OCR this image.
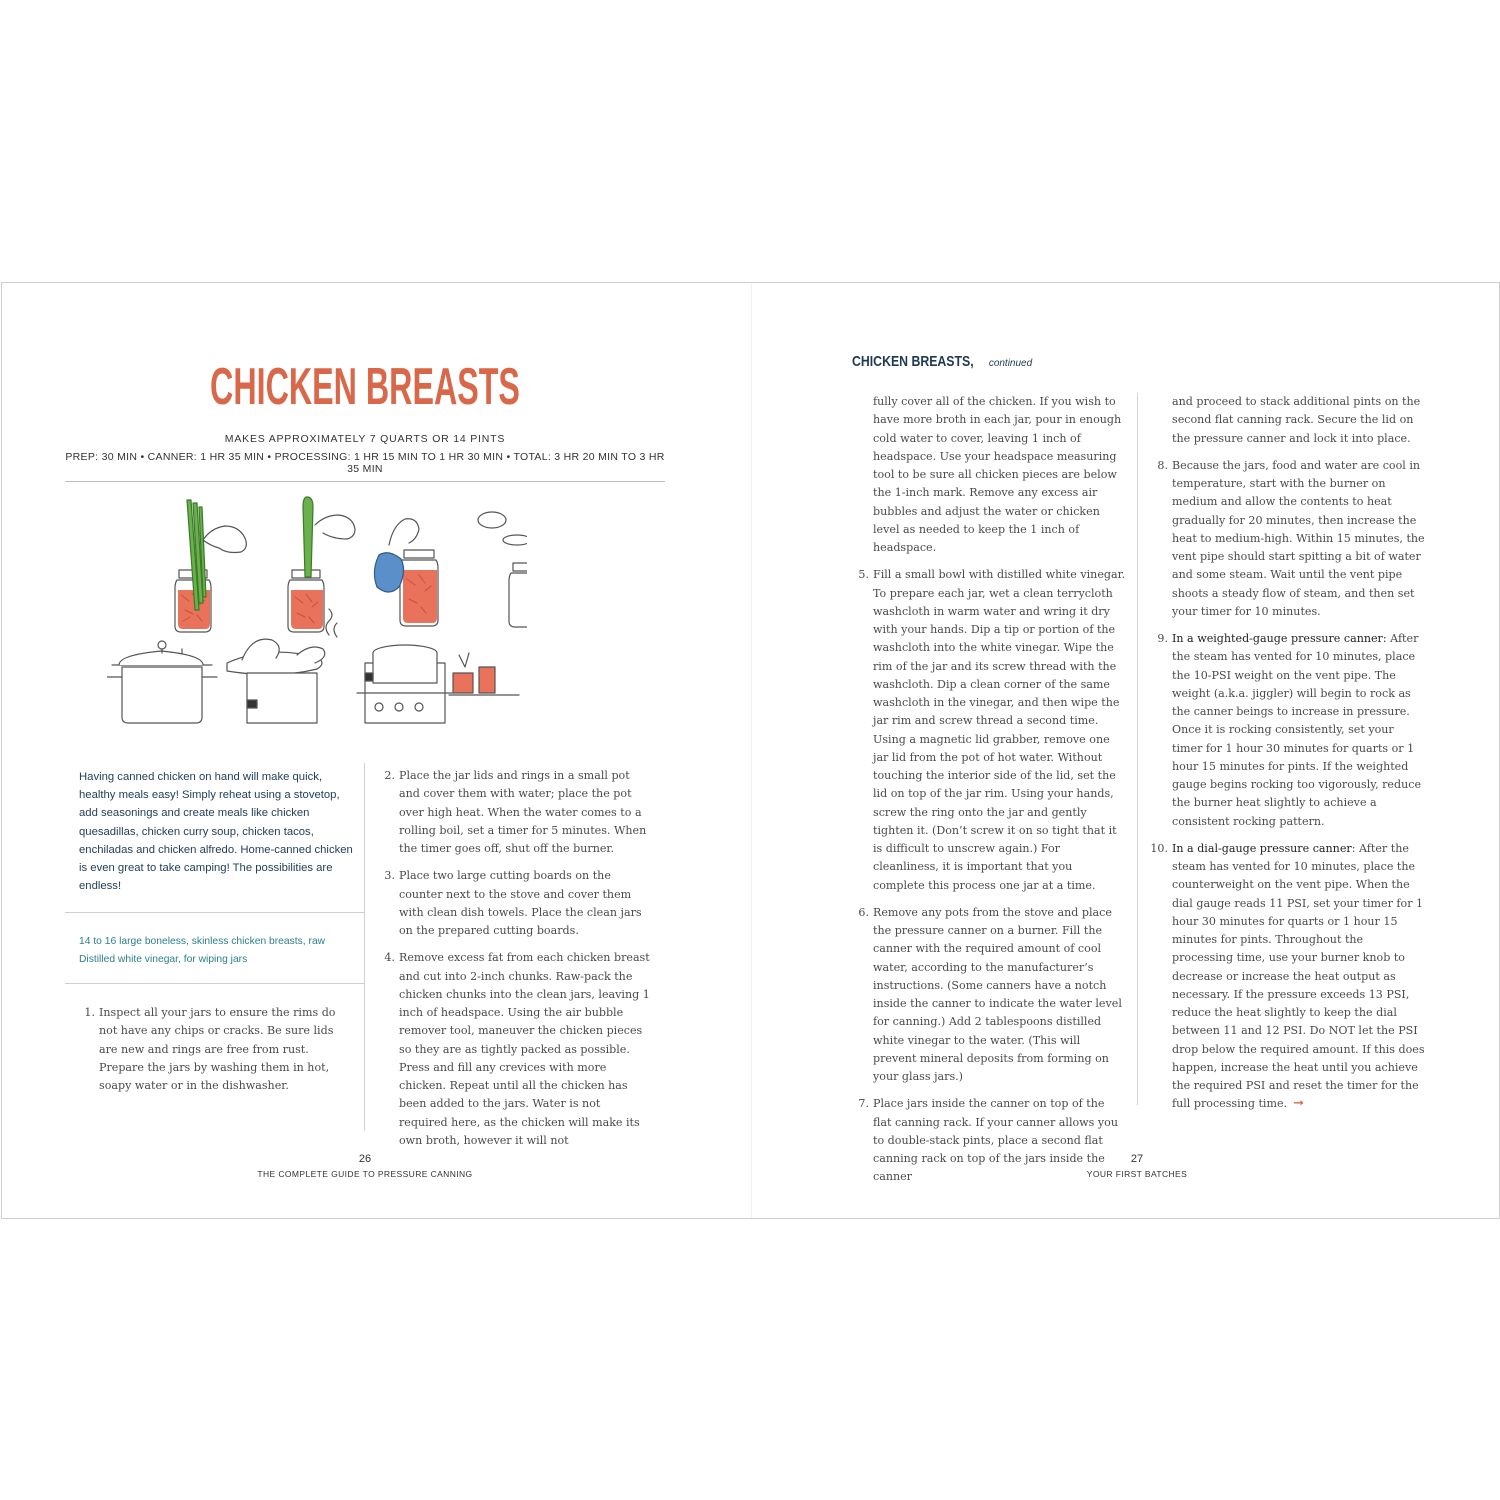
CHICKEN BREASTS
MAKES APPROXIMATELY 7 QUARTS OR 14 PINTS
PREP: 30 MIN • CANNER: 1 HR 35 MIN • PROCESSING: 1 HR 15 MIN TO 1 HR 30 MIN • TOTAL: 3 HR 20 MIN TO 3 HR 35 MIN
Having canned chicken on hand will make quick, healthy meals easy! Simply reheat using a stovetop, add seasonings and create meals like chicken quesadillas, chicken curry soup, chicken tacos, enchiladas and chicken alfredo. Home-canned chicken is even great to take camping! The possibilities are endless!
14 to 16 large boneless, skinless chicken breasts, raw
Distilled white vinegar, for wiping jars
1. Inspect all your jars to ensure the rims do not have any chips or cracks. Be sure lids are new and rings are free from rust. Prepare the jars by washing them in hot, soapy water or in the dishwasher.
2. Place the jar lids and rings in a small pot and cover them with water; place the pot over high heat. When the water comes to a rolling boil, set a timer for 5 minutes. When the timer goes off, shut off the burner.
3. Place two large cutting boards on the counter next to the stove and cover them with clean dish towels. Place the clean jars on the prepared cutting boards.
4. Remove excess fat from each chicken breast and cut into 2-inch chunks. Raw-pack the chicken chunks into the clean jars, leaving 1 inch of headspace. Using the air bubble remover tool, maneuver the chicken pieces so they are as tightly packed as possible. Press and fill any crevices with more chicken. Repeat until all the chicken has been added to the jars. Water is not required here, as the chicken will make its own broth, however it will not
26
THE COMPLETE GUIDE TO PRESSURE CANNING
CHICKEN BREASTS, continued
fully cover all of the chicken. If you wish to have more broth in each jar, pour in enough cold water to cover, leaving 1 inch of headspace. Use your headspace measuring tool to be sure all chicken pieces are below the 1-inch mark. Remove any excess air bubbles and adjust the water or chicken level as needed to keep the 1 inch of headspace.
5. Fill a small bowl with distilled white vinegar. To prepare each jar, wet a clean terrycloth washcloth in warm water and wring it dry with your hands. Dip a tip or portion of the washcloth into the white vinegar. Wipe the rim of the jar and its screw thread with the washcloth. Dip a clean corner of the same washcloth in the vinegar, and then wipe the jar rim and screw thread a second time. Using a magnetic lid grabber, remove one jar lid from the pot of hot water. Without touching the interior side of the lid, set the lid on top of the jar rim. Using your hands, screw the ring onto the jar and gently tighten it. (Don’t screw it on so tight that it is difficult to unscrew again.) For cleanliness, it is important that you complete this process one jar at a time.
6. Remove any pots from the stove and place the pressure canner on a burner. Fill the canner with the required amount of cool water, according to the manufacturer’s instructions. (Some canners have a notch inside the canner to indicate the water level for canning.) Add 2 tablespoons distilled white vinegar to the water. (This will prevent mineral deposits from forming on your glass jars.)
7. Place jars inside the canner on top of the flat canning rack. If your canner allows you to double-stack pints, place a second flat canning rack on top of the jars inside the canner
and proceed to stack additional pints on the second flat canning rack. Secure the lid on the pressure canner and lock it into place.
8. Because the jars, food and water are cool in temperature, start with the burner on medium and allow the contents to heat gradually for 20 minutes, then increase the heat to medium-high. Within 15 minutes, the vent pipe should start spitting a bit of water and some steam. Wait until the vent pipe shoots a steady flow of steam, and then set your timer for 10 minutes.
9. In a weighted-gauge pressure canner: After the steam has vented for 10 minutes, place the 10-PSI weight on the vent pipe. The weight (a.k.a. jiggler) will begin to rock as the canner beings to increase in pressure. Once it is rocking consistently, set your timer for 1 hour 30 minutes for quarts or 1 hour 15 minutes for pints. If the weighted gauge begins rocking too vigorously, reduce the burner heat slightly to achieve a consistent rocking pattern.
10. In a dial-gauge pressure canner: After the steam has vented for 10 minutes, place the counterweight on the vent pipe. When the dial gauge reads 11 PSI, set your timer for 1 hour 30 minutes for quarts or 1 hour 15 minutes for pints. Throughout the processing time, use your burner knob to decrease or increase the heat output as necessary. If the pressure exceeds 13 PSI, reduce the heat slightly to keep the dial between 11 and 12 PSI. Do NOT let the PSI drop below the required amount. If this does happen, increase the heat until you achieve the required PSI and reset the timer for the full processing time. ➞
27
YOUR FIRST BATCHES
